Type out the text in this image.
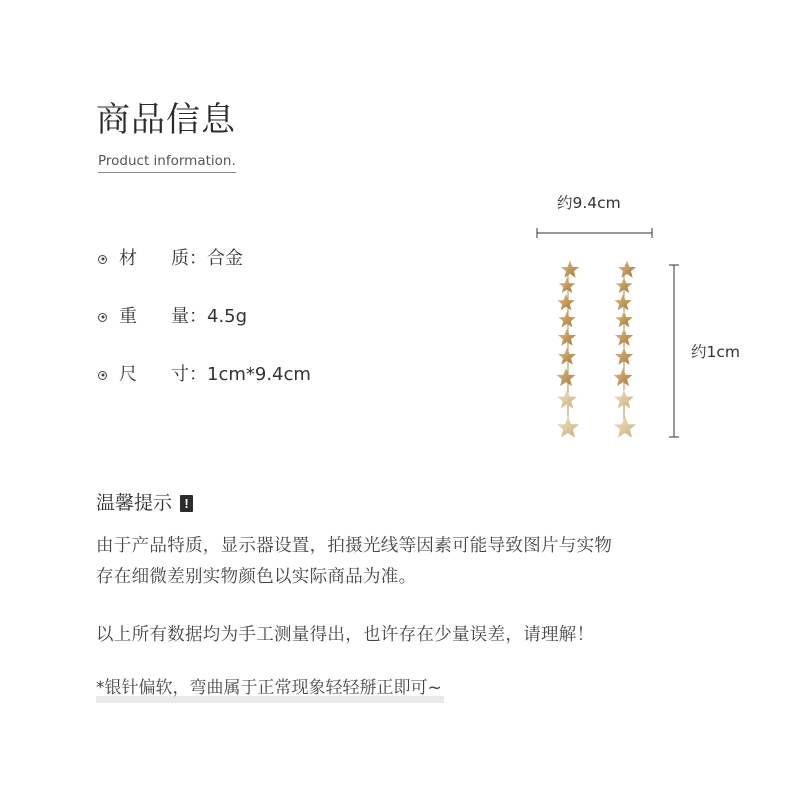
商品信息
Product information.
材	质： 合金
重	量： 4.5g
尺	寸： 1cm*9.4cm
约9.4cm
约1cm
温馨提示 !
由于产品特质，显示器设置，拍摄光线等因素可能导致图片与实物
存在细微差别实物颜色以实际商品为准。
以上所有数据均为手工测量得出，也许存在少量误差，请理解！
*银针偏软，弯曲属于正常现象轻轻掰正即可~
